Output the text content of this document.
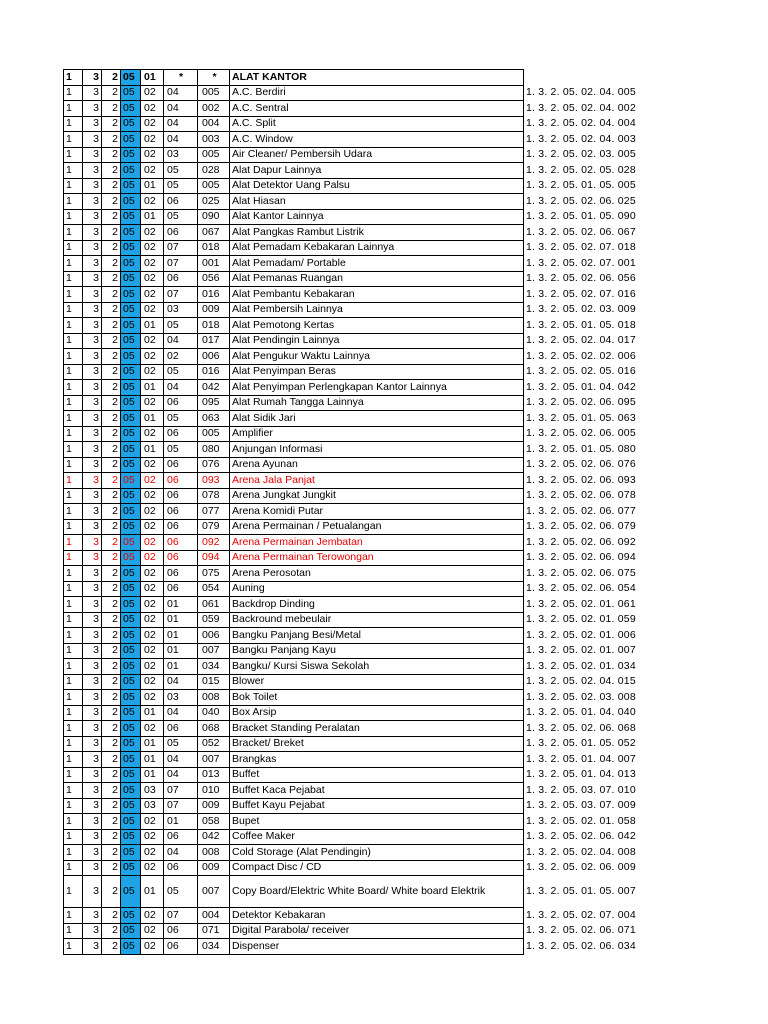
1	3	2	05	01	*	*	ALAT KANTOR	
1	3	2	05	02	04	005	A.C. Berdiri	1. 3. 2. 05. 02. 04. 005
1	3	2	05	02	04	002	A.C. Sentral	1. 3. 2. 05. 02. 04. 002
1	3	2	05	02	04	004	A.C. Split	1. 3. 2. 05. 02. 04. 004
1	3	2	05	02	04	003	A.C. Window	1. 3. 2. 05. 02. 04. 003
1	3	2	05	02	03	005	Air Cleaner/ Pembersih Udara	1. 3. 2. 05. 02. 03. 005
1	3	2	05	02	05	028	Alat Dapur Lainnya	1. 3. 2. 05. 02. 05. 028
1	3	2	05	01	05	005	Alat Detektor Uang Palsu	1. 3. 2. 05. 01. 05. 005
1	3	2	05	02	06	025	Alat Hiasan	1. 3. 2. 05. 02. 06. 025
1	3	2	05	01	05	090	Alat Kantor Lainnya	1. 3. 2. 05. 01. 05. 090
1	3	2	05	02	06	067	Alat Pangkas Rambut Listrik	1. 3. 2. 05. 02. 06. 067
1	3	2	05	02	07	018	Alat Pemadam Kebakaran Lainnya	1. 3. 2. 05. 02. 07. 018
1	3	2	05	02	07	001	Alat Pemadam/ Portable	1. 3. 2. 05. 02. 07. 001
1	3	2	05	02	06	056	Alat Pemanas Ruangan	1. 3. 2. 05. 02. 06. 056
1	3	2	05	02	07	016	Alat Pembantu Kebakaran	1. 3. 2. 05. 02. 07. 016
1	3	2	05	02	03	009	Alat Pembersih Lainnya	1. 3. 2. 05. 02. 03. 009
1	3	2	05	01	05	018	Alat Pemotong Kertas	1. 3. 2. 05. 01. 05. 018
1	3	2	05	02	04	017	Alat Pendingin Lainnya	1. 3. 2. 05. 02. 04. 017
1	3	2	05	02	02	006	Alat Pengukur Waktu Lainnya	1. 3. 2. 05. 02. 02. 006
1	3	2	05	02	05	016	Alat Penyimpan Beras	1. 3. 2. 05. 02. 05. 016
1	3	2	05	01	04	042	Alat Penyimpan Perlengkapan Kantor Lainnya	1. 3. 2. 05. 01. 04. 042
1	3	2	05	02	06	095	Alat Rumah Tangga Lainnya	1. 3. 2. 05. 02. 06. 095
1	3	2	05	01	05	063	Alat Sidik Jari	1. 3. 2. 05. 01. 05. 063
1	3	2	05	02	06	005	Amplifier	1. 3. 2. 05. 02. 06. 005
1	3	2	05	01	05	080	Anjungan Informasi	1. 3. 2. 05. 01. 05. 080
1	3	2	05	02	06	076	Arena Ayunan	1. 3. 2. 05. 02. 06. 076
1	3	2	05	02	06	093	Arena Jala Panjat	1. 3. 2. 05. 02. 06. 093
1	3	2	05	02	06	078	Arena Jungkat Jungkit	1. 3. 2. 05. 02. 06. 078
1	3	2	05	02	06	077	Arena Komidi Putar	1. 3. 2. 05. 02. 06. 077
1	3	2	05	02	06	079	Arena Permainan / Petualangan	1. 3. 2. 05. 02. 06. 079
1	3	2	05	02	06	092	Arena Permainan Jembatan	1. 3. 2. 05. 02. 06. 092
1	3	2	05	02	06	094	Arena Permainan Terowongan	1. 3. 2. 05. 02. 06. 094
1	3	2	05	02	06	075	Arena Perosotan	1. 3. 2. 05. 02. 06. 075
1	3	2	05	02	06	054	Auning	1. 3. 2. 05. 02. 06. 054
1	3	2	05	02	01	061	Backdrop Dinding	1. 3. 2. 05. 02. 01. 061
1	3	2	05	02	01	059	Backround mebeulair	1. 3. 2. 05. 02. 01. 059
1	3	2	05	02	01	006	Bangku Panjang Besi/Metal	1. 3. 2. 05. 02. 01. 006
1	3	2	05	02	01	007	Bangku Panjang Kayu	1. 3. 2. 05. 02. 01. 007
1	3	2	05	02	01	034	Bangku/ Kursi Siswa Sekolah	1. 3. 2. 05. 02. 01. 034
1	3	2	05	02	04	015	Blower	1. 3. 2. 05. 02. 04. 015
1	3	2	05	02	03	008	Bok Toilet	1. 3. 2. 05. 02. 03. 008
1	3	2	05	01	04	040	Box Arsip	1. 3. 2. 05. 01. 04. 040
1	3	2	05	02	06	068	Bracket Standing Peralatan	1. 3. 2. 05. 02. 06. 068
1	3	2	05	01	05	052	Bracket/ Breket	1. 3. 2. 05. 01. 05. 052
1	3	2	05	01	04	007	Brangkas	1. 3. 2. 05. 01. 04. 007
1	3	2	05	01	04	013	Buffet	1. 3. 2. 05. 01. 04. 013
1	3	2	05	03	07	010	Buffet Kaca Pejabat	1. 3. 2. 05. 03. 07. 010
1	3	2	05	03	07	009	Buffet Kayu Pejabat	1. 3. 2. 05. 03. 07. 009
1	3	2	05	02	01	058	Bupet	1. 3. 2. 05. 02. 01. 058
1	3	2	05	02	06	042	Coffee Maker	1. 3. 2. 05. 02. 06. 042
1	3	2	05	02	04	008	Cold Storage (Alat Pendingin)	1. 3. 2. 05. 02. 04. 008
1	3	2	05	02	06	009	Compact Disc / CD	1. 3. 2. 05. 02. 06. 009
1	3	2	05	01	05	007	Copy Board/Elektric White Board/ White board Elektrik	1. 3. 2. 05. 01. 05. 007
1	3	2	05	02	07	004	Detektor Kebakaran	1. 3. 2. 05. 02. 07. 004
1	3	2	05	02	06	071	Digital Parabola/ receiver	1. 3. 2. 05. 02. 06. 071
1	3	2	05	02	06	034	Dispenser	1. 3. 2. 05. 02. 06. 034
